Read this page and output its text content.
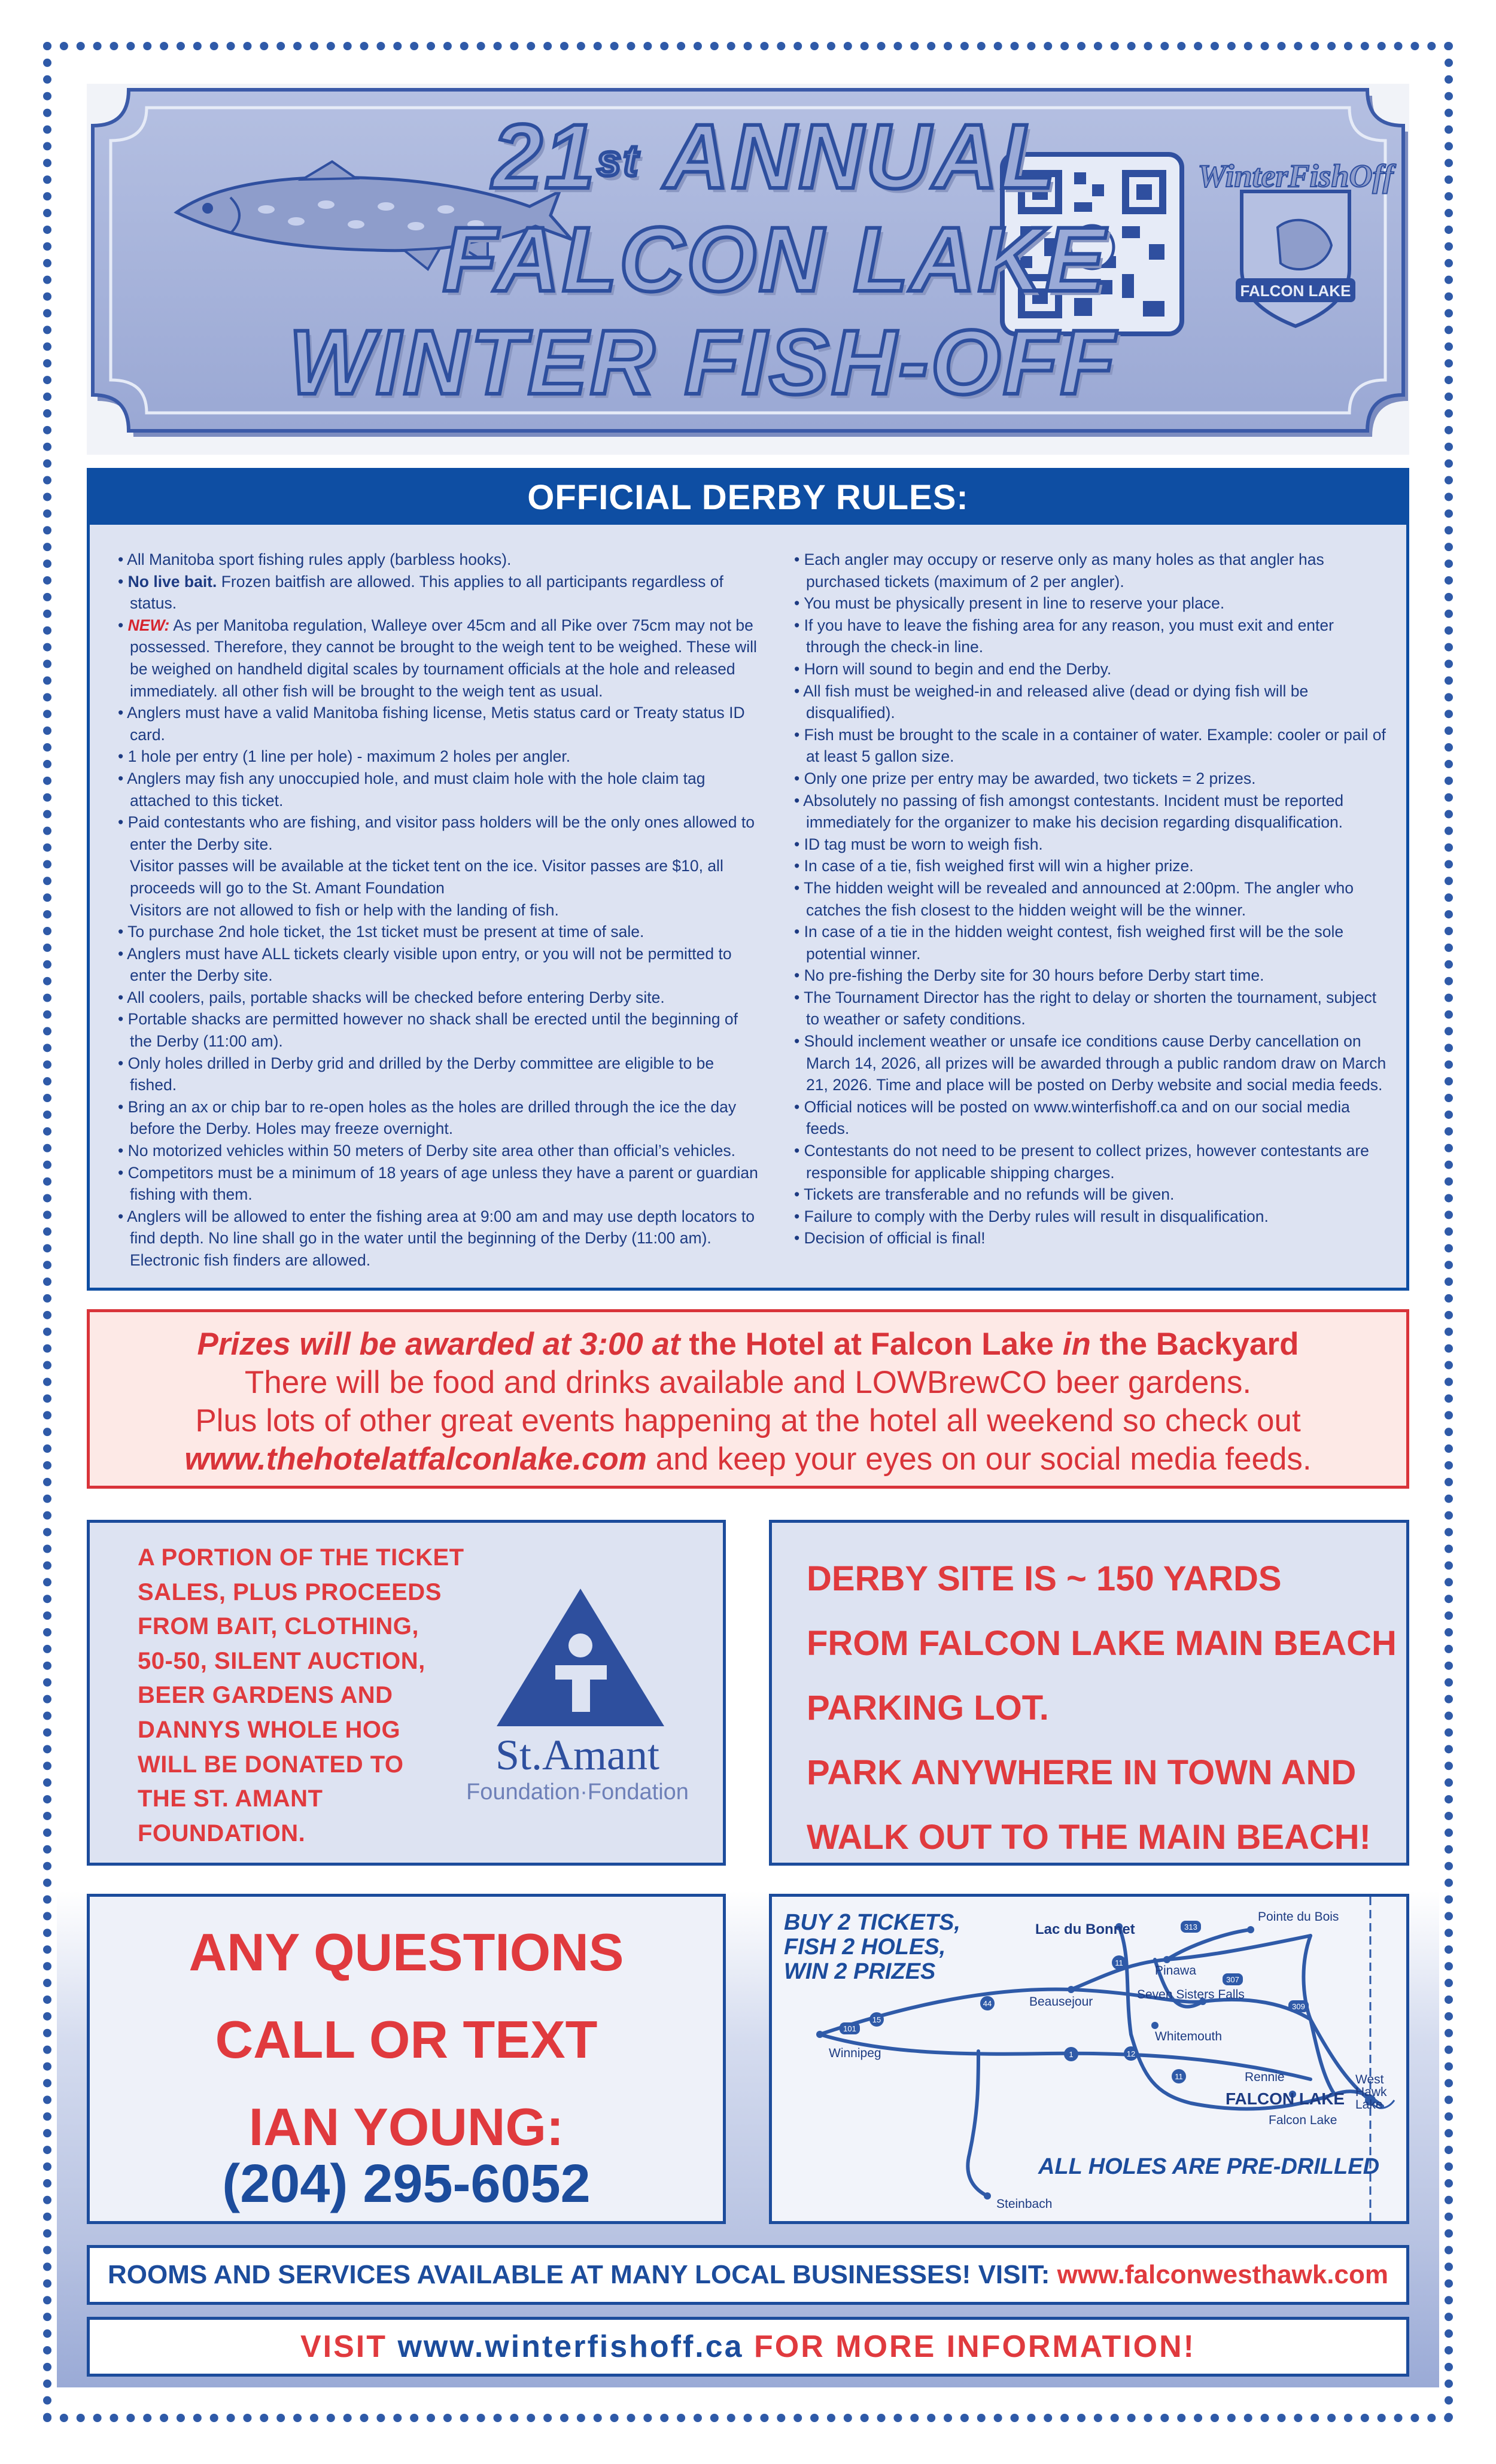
WinterFishOff
FALCON LAKE
21st ANNUAL
FALCON LAKE
WINTER FISH-OFF
OFFICIAL DERBY RULES:
• All Manitoba sport fishing rules apply (barbless hooks).
• No live bait. Frozen baitfish are allowed. This applies to all participants regardless of status.
• NEW: As per Manitoba regulation, Walleye over 45cm and all Pike over 75cm may not be possessed. Therefore, they cannot be brought to the weigh tent to be weighed. These will be weighed on handheld digital scales by tournament officials at the hole and released immediately. all other fish will be brought to the weigh tent as usual.
• Anglers must have a valid Manitoba fishing license, Metis status card or Treaty status ID card.
• 1 hole per entry (1 line per hole) - maximum 2 holes per angler.
• Anglers may fish any unoccupied hole, and must claim hole with the hole claim tag attached to this ticket.
• Paid contestants who are fishing, and visitor pass holders will be the only ones allowed to enter the Derby site.
Visitor passes will be available at the ticket tent on the ice. Visitor passes are $10, all proceeds will go to the St. Amant Foundation
Visitors are not allowed to fish or help with the landing of fish.
• To purchase 2nd hole ticket, the 1st ticket must be present at time of sale.
• Anglers must have ALL tickets clearly visible upon entry, or you will not be permitted to enter the Derby site.
• All coolers, pails, portable shacks will be checked before entering Derby site.
• Portable shacks are permitted however no shack shall be erected until the beginning of the Derby (11:00 am).
• Only holes drilled in Derby grid and drilled by the Derby committee are eligible to be fished.
• Bring an ax or chip bar to re-open holes as the holes are drilled through the ice the day before the Derby. Holes may freeze overnight.
• No motorized vehicles within 50 meters of Derby site area other than official’s vehicles.
• Competitors must be a minimum of 18 years of age unless they have a parent or guardian fishing with them.
• Anglers will be allowed to enter the fishing area at 9:00 am and may use depth locators to find depth. No line shall go in the water until the beginning of the Derby (11:00 am). Electronic fish finders are allowed.
• Each angler may occupy or reserve only as many holes as that angler has purchased tickets (maximum of 2 per angler).
• You must be physically present in line to reserve your place.
• If you have to leave the fishing area for any reason, you must exit and enter through the check-in line.
• Horn will sound to begin and end the Derby.
• All fish must be weighed-in and released alive (dead or dying fish will be disqualified).
• Fish must be brought to the scale in a container of water. Example: cooler or pail of at least 5 gallon size.
• Only one prize per entry may be awarded, two tickets = 2 prizes.
• Absolutely no passing of fish amongst contestants. Incident must be reported immediately for the organizer to make his decision regarding disqualification.
• ID tag must be worn to weigh fish.
• In case of a tie, fish weighed first will win a higher prize.
• The hidden weight will be revealed and announced at 2:00pm. The angler who catches the fish closest to the hidden weight will be the winner.
• In case of a tie in the hidden weight contest, fish weighed first will be the sole potential winner.
• No pre-fishing the Derby site for 30 hours before Derby start time.
• The Tournament Director has the right to delay or shorten the tournament, subject to weather or safety conditions.
• Should inclement weather or unsafe ice conditions cause Derby cancellation on March 14, 2026, all prizes will be awarded through a public random draw on March 21, 2026. Time and place will be posted on Derby website and social media feeds.
• Official notices will be posted on www.winterfishoff.ca and on our social media feeds.
• Contestants do not need to be present to collect prizes, however contestants are responsible for applicable shipping charges.
• Tickets are transferable and no refunds will be given.
• Failure to comply with the Derby rules will result in disqualification.
• Decision of official is final!
Prizes will be awarded at 3:00 at the Hotel at Falcon Lake in the Backyard
There will be food and drinks available and LOWBrewCO beer gardens.
Plus lots of other great events happening at the hotel all weekend so check out
www.thehotelatfalconlake.com and keep your eyes on our social media feeds.
A PORTION OF THE TICKET
SALES, PLUS PROCEEDS
FROM BAIT, CLOTHING,
50-50, SILENT AUCTION,
BEER GARDENS AND
DANNYS WHOLE HOG
WILL BE DONATED TO
THE ST. AMANT
FOUNDATION.
St.Amant
Foundation·Fondation
DERBY SITE IS ~ 150 YARDS
FROM FALCON LAKE MAIN BEACH
PARKING LOT.
PARK ANYWHERE IN TOWN AND
WALK OUT TO THE MAIN BEACH!
ANY QUESTIONS
CALL OR TEXT
IAN YOUNG:
(204) 295-6052
Lac du Bonnet
Pointe du Bois
Pinawa
Seven Sisters Falls
Beausejour
Whitemouth
Winnipeg
Rennie
FALCON LAKE
West
Hawk
Lake
Falcon Lake
Steinbach
313
11
307
44
12
15
1
11
101
309
BUY 2 TICKETS,
FISH 2 HOLES,
WIN 2 PRIZES
ALL HOLES ARE PRE-DRILLED
ROOMS AND SERVICES AVAILABLE AT MANY LOCAL BUSINESSES! VISIT: www.falconwesthawk.com
VISIT www.winterfishoff.ca FOR MORE INFORMATION!
